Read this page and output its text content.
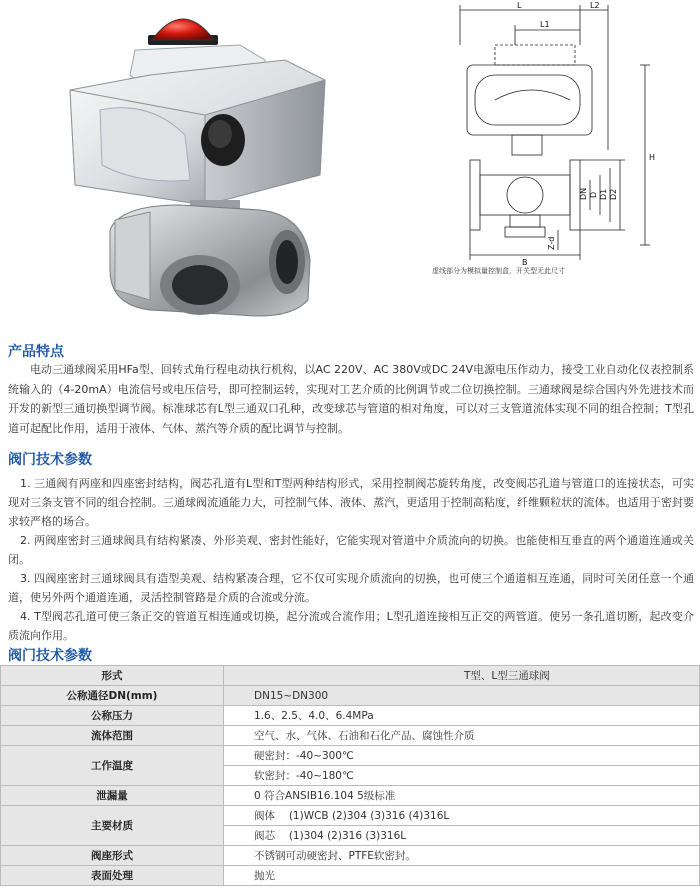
L	L2
L1
H
B
DN D D1 D2
Z-d
虚线部分为模拟量控制盒，开关型无此尺寸
产品特点

电动三通球阀采用HFa型、回转式角行程电动执行机构，以AC 220V、AC 380V或DC 24V电源电压作动力，接受工业自动化仪表控制系统输入的（4-20mA）电流信号或电压信号，即可控制运转，实现对工艺介质的比例调节或二位切换控制。三通球阀是综合国内外先进技术而开发的新型三通切换型调节阀。标准球芯有L型三通双口孔种，改变球芯与管道的相对角度，可以对三支管道流体实现不同的组合控制；T型孔道可起配比作用，适用于液体、气体、蒸汽等介质的配比调节与控制。

阀门技术参数

1. 三通阀有两座和四座密封结构，阀芯孔道有L型和T型两种结构形式，采用控制阀芯旋转角度，改变阀芯孔道与管道口的连接状态，可实现对三条支管不同的组合控制。三通球阀流通能力大，可控制气体、液体、蒸汽，更适用于控制高粘度，纤维颗粒状的流体。也适用于密封要求较严格的场合。

2. 两阀座密封三通球阀具有结构紧凑、外形美观、密封性能好，它能实现对管道中介质流向的切换。也能使相互垂直的两个通道连通或关闭。

3. 四阀座密封三通球阀具有造型美观、结构紧凑合理，它不仅可实现介质流向的切换，也可使三个通道相互连通，同时可关闭任意一个通道，使另外两个通道连通，灵活控制管路是介质的合流或分流。

4. T型阀芯孔道可使三条正交的管道互相连通或切换，起分流或合流作用；L型孔道连接相互正交的两管道。使另一条孔道切断，起改变介质流向作用。

阀门技术参数
形式	T型、L型三通球阀
公称通径DN(mm)	DN15~DN300
公称压力	1.6、2.5、4.0、6.4MPa
流体范围	空气、水、气体、石油和石化产品、腐蚀性介质
工作温度	硬密封：-40~300℃
	软密封：-40~180℃
泄漏量	0 符合ANSIB16.104 5级标准
主要材质	阀体　 (1)WCB (2)304 (3)316 (4)316L
	阀芯　 (1)304 (2)316 (3)316L
阀座形式	不锈钢可动硬密封、PTFE软密封。
表面处理	抛光
